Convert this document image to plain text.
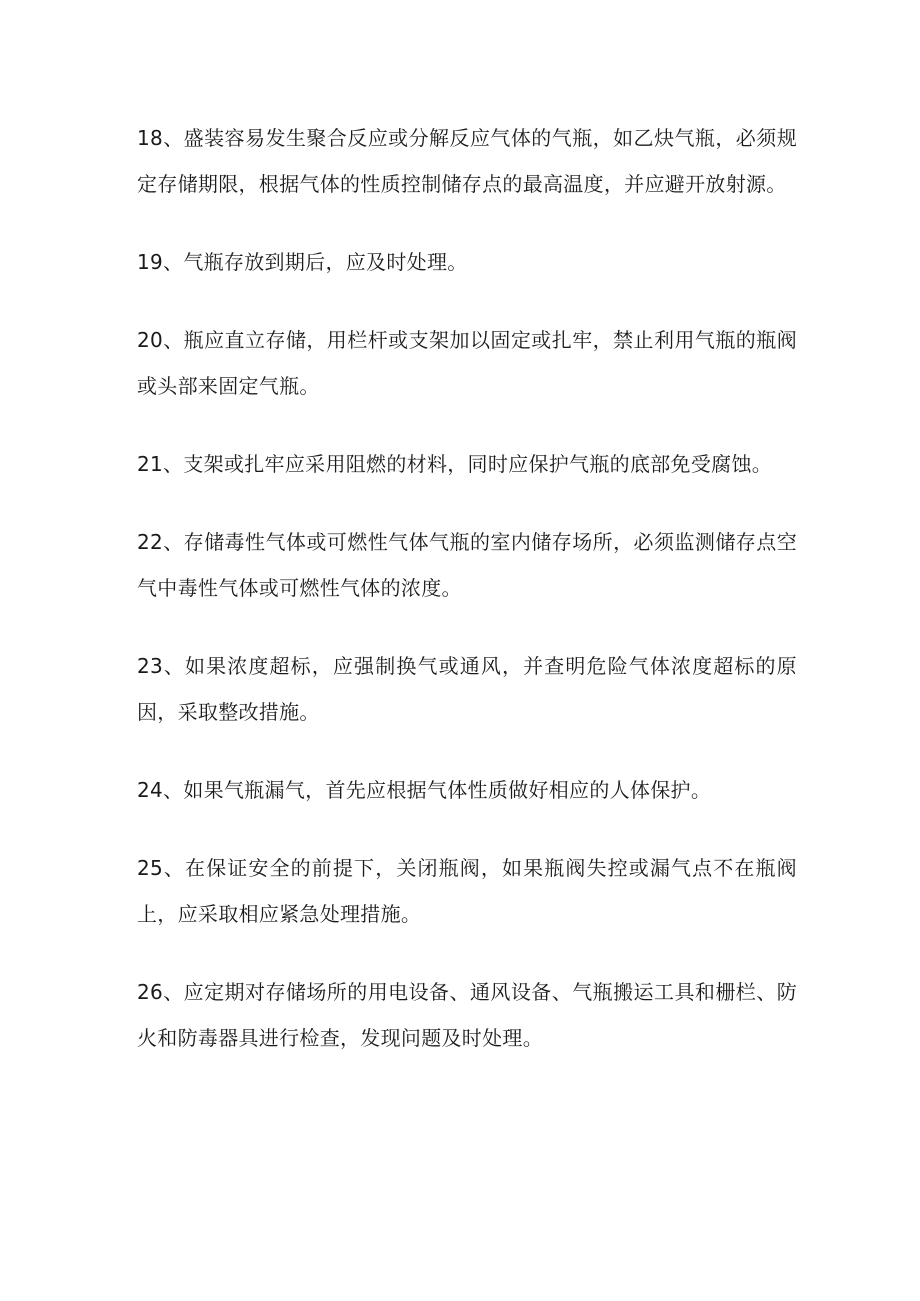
18、盛装容易发生聚合反应或分解反应气体的气瓶，如乙炔气瓶，必须规定存储期限，根据气体的性质控制储存点的最高温度，并应避开放射源。

19、气瓶存放到期后，应及时处理。

20、瓶应直立存储，用栏杆或支架加以固定或扎牢，禁止利用气瓶的瓶阀或头部来固定气瓶。

21、支架或扎牢应采用阻燃的材料，同时应保护气瓶的底部免受腐蚀。

22、存储毒性气体或可燃性气体气瓶的室内储存场所，必须监测储存点空气中毒性气体或可燃性气体的浓度。

23、如果浓度超标，应强制换气或通风，并查明危险气体浓度超标的原因，采取整改措施。

24、如果气瓶漏气，首先应根据气体性质做好相应的人体保护。

25、在保证安全的前提下，关闭瓶阀，如果瓶阀失控或漏气点不在瓶阀上，应采取相应紧急处理措施。

26、应定期对存储场所的用电设备、通风设备、气瓶搬运工具和栅栏、防火和防毒器具进行检查，发现问题及时处理。
